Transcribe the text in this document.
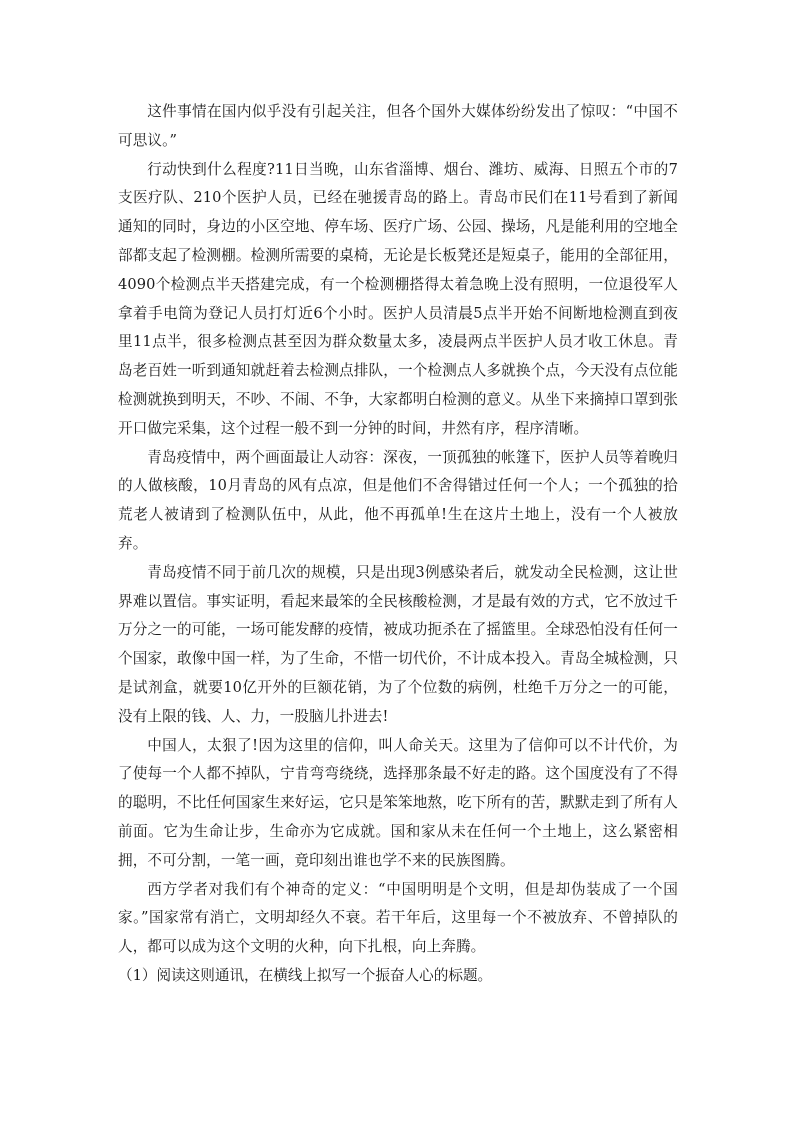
这件事情在国内似乎没有引起关注，但各个国外大媒体纷纷发出了惊叹：“中国不可思议。”

行动快到什么程度?11日当晚，山东省淄博、烟台、潍坊、威海、日照五个市的7支医疗队、210个医护人员，已经在驰援青岛的路上。青岛市民们在11号看到了新闻通知的同时，身边的小区空地、停车场、医疗广场、公园、操场，凡是能利用的空地全部都支起了检测棚。检测所需要的桌椅，无论是长板凳还是短桌子，能用的全部征用，4090个检测点半天搭建完成，有一个检测棚搭得太着急晚上没有照明，一位退役军人拿着手电筒为登记人员打灯近6个小时。医护人员清晨5点半开始不间断地检测直到夜里11点半，很多检测点甚至因为群众数量太多，凌晨两点半医护人员才收工休息。青岛老百姓一听到通知就赶着去检测点排队，一个检测点人多就换个点，今天没有点位能检测就换到明天，不吵、不闹、不争，大家都明白检测的意义。从坐下来摘掉口罩到张开口做完采集，这个过程一般不到一分钟的时间，井然有序，程序清晰。

青岛疫情中，两个画面最让人动容：深夜，一顶孤独的帐篷下，医护人员等着晚归的人做核酸，10月青岛的风有点凉，但是他们不舍得错过任何一个人；一个孤独的拾荒老人被请到了检测队伍中，从此，他不再孤单!生在这片土地上，没有一个人被放弃。

青岛疫情不同于前几次的规模，只是出现3例感染者后，就发动全民检测，这让世界难以置信。事实证明，看起来最笨的全民核酸检测，才是最有效的方式，它不放过千万分之一的可能，一场可能发酵的疫情，被成功扼杀在了摇篮里。全球恐怕没有任何一个国家，敢像中国一样，为了生命，不惜一切代价，不计成本投入。青岛全城检测，只是试剂盒，就要10亿开外的巨额花销，为了个位数的病例，杜绝千万分之一的可能，没有上限的钱、人、力，一股脑儿扑进去!

中国人，太狠了!因为这里的信仰，叫人命关天。这里为了信仰可以不计代价，为了使每一个人都不掉队，宁肯弯弯绕绕，选择那条最不好走的路。这个国度没有了不得的聪明，不比任何国家生来好运，它只是笨笨地熬，吃下所有的苦，默默走到了所有人前面。它为生命让步，生命亦为它成就。国和家从未在任何一个土地上，这么紧密相拥，不可分割，一笔一画，竟印刻出谁也学不来的民族图腾。

西方学者对我们有个神奇的定义：“中国明明是个文明，但是却伪装成了一个国家。”国家常有消亡，文明却经久不衰。若干年后，这里每一个不被放弃、不曾掉队的人，都可以成为这个文明的火种，向下扎根，向上奔腾。

（1）阅读这则通讯，在横线上拟写一个振奋人心的标题。
